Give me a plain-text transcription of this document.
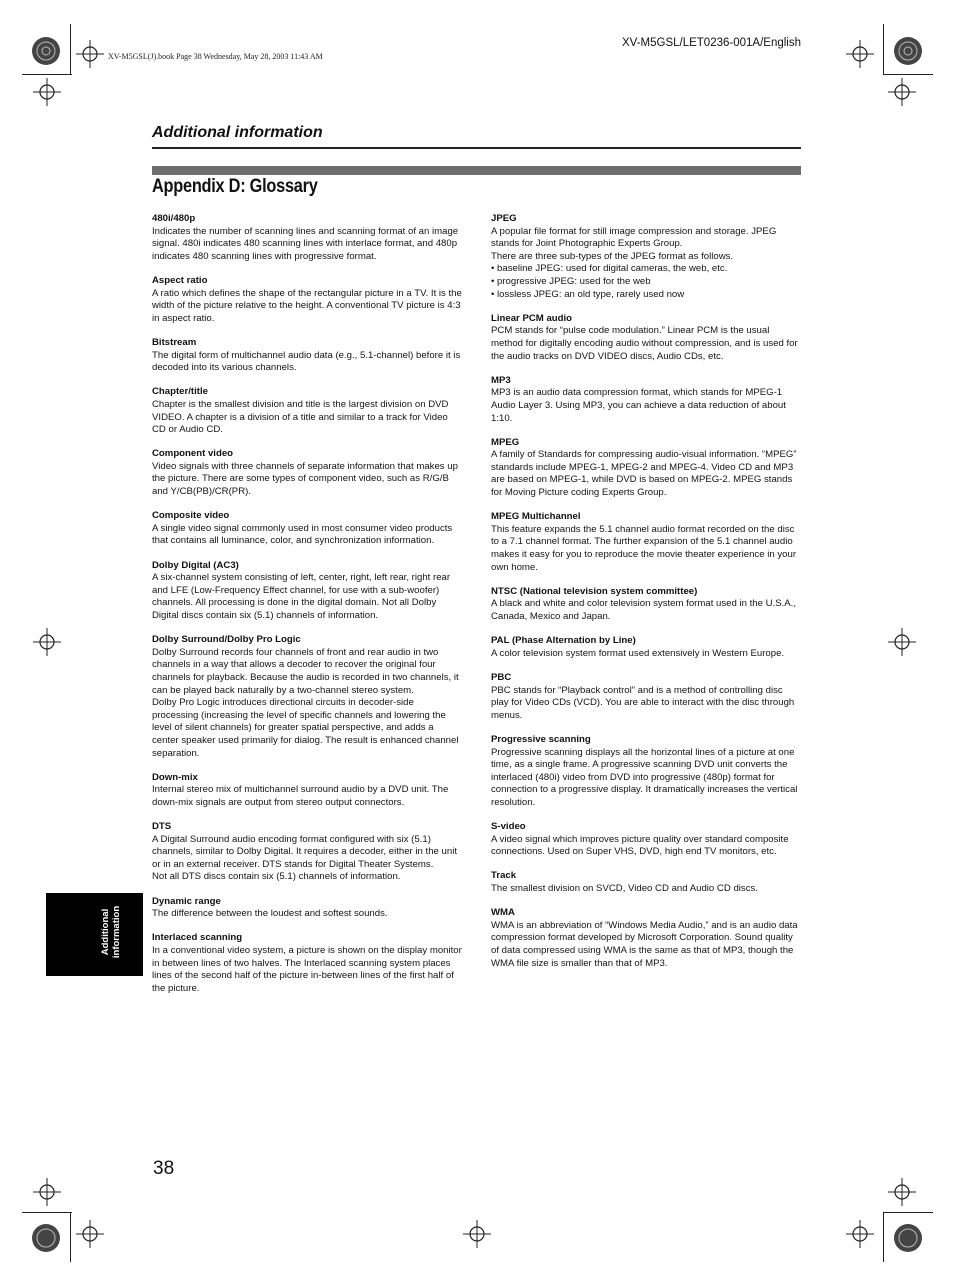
XV-M5GSL(J).book Page 38 Wednesday, May 28, 2003 11:43 AM
XV-M5GSL/LET0236-001A/English
Additional information
Appendix D: Glossary
480i/480p

Indicates the number of scanning lines and scanning format of an image signal. 480i indicates 480 scanning lines with interlace format, and 480p indicates 480 scanning lines with progressive format.

Aspect ratio

A ratio which defines the shape of the rectangular picture in a TV. It is the width of the picture relative to the height. A conventional TV picture is 4:3 in aspect ratio.

Bitstream

The digital form of multichannel audio data (e.g., 5.1-channel) before it is decoded into its various channels.

Chapter/title

Chapter is the smallest division and title is the largest division on DVD VIDEO. A chapter is a division of a title and similar to a track for Video CD or Audio CD.

Component video

Video signals with three channels of separate information that makes up the picture. There are some types of component video, such as R/G/B and Y/CB(PB)/CR(PR).

Composite video

A single video signal commonly used in most consumer video products that contains all luminance, color, and synchronization information.

Dolby Digital (AC3)

A six-channel system consisting of left, center, right, left rear, right rear and LFE (Low-Frequency Effect channel, for use with a sub-woofer) channels. All processing is done in the digital domain. Not all Dolby Digital discs contain six (5.1) channels of information.

Dolby Surround/Dolby Pro Logic

Dolby Surround records four channels of front and rear audio in two channels in a way that allows a decoder to recover the original four channels for playback. Because the audio is recorded in two channels, it can be played back naturally by a two-channel stereo system.

Dolby Pro Logic introduces directional circuits in decoder-side processing (increasing the level of specific channels and lowering the level of silent channels) for greater spatial perspective, and adds a center speaker used primarily for dialog. The result is enhanced channel separation.

Down-mix

Internal stereo mix of multichannel surround audio by a DVD unit. The down-mix signals are output from stereo output connectors.

DTS

A Digital Surround audio encoding format configured with six (5.1) channels, similar to Dolby Digital. It requires a decoder, either in the unit or in an external receiver. DTS stands for Digital Theater Systems.

Not all DTS discs contain six (5.1) channels of information.

Dynamic range

The difference between the loudest and softest sounds.

Interlaced scanning

In a conventional video system, a picture is shown on the display monitor in between lines of two halves. The Interlaced scanning system places lines of the second half of the picture in-between lines of the first half of the picture.

JPEG

A popular file format for still image compression and storage. JPEG stands for Joint Photographic Experts Group.

There are three sub-types of the JPEG format as follows.

• baseline JPEG: used for digital cameras, the web, etc.

• progressive JPEG: used for the web

• lossless JPEG: an old type, rarely used now

Linear PCM audio

PCM stands for “pulse code modulation.” Linear PCM is the usual method for digitally encoding audio without compression, and is used for the audio tracks on DVD VIDEO discs, Audio CDs, etc.

MP3

MP3 is an audio data compression format, which stands for MPEG-1 Audio Layer 3. Using MP3, you can achieve a data reduction of about 1:10.

MPEG

A family of Standards for compressing audio-visual information. “MPEG” standards include MPEG-1, MPEG-2 and MPEG-4. Video CD and MP3 are based on MPEG-1, while DVD is based on MPEG-2. MPEG stands for Moving Picture coding Experts Group.

MPEG Multichannel

This feature expands the 5.1 channel audio format recorded on the disc to a 7.1 channel format. The further expansion of the 5.1 channel audio makes it easy for you to reproduce the movie theater experience in your own home.

NTSC (National television system committee)

A black and white and color television system format used in the U.S.A., Canada, Mexico and Japan.

PAL (Phase Alternation by Line)

A color television system format used extensively in Western Europe.

PBC

PBC stands for “Playback control” and is a method of controlling disc play for Video CDs (VCD). You are able to interact with the disc through menus.

Progressive scanning

Progressive scanning displays all the horizontal lines of a picture at one time, as a single frame. A progressive scanning DVD unit converts the interlaced (480i) video from DVD into progressive (480p) format for connection to a progressive display. It dramatically increases the vertical resolution.

S-video

A video signal which improves picture quality over standard composite connections. Used on Super VHS, DVD, high end TV monitors, etc.

Track

The smallest division on SVCD, Video CD and Audio CD discs.

WMA

WMA is an abbreviation of “Windows Media Audio,” and is an audio data compression format developed by Microsoft Corporation. Sound quality of data compressed using WMA is the same as that of MP3, though the WMA file size is smaller than that of MP3.

Additional information
38
